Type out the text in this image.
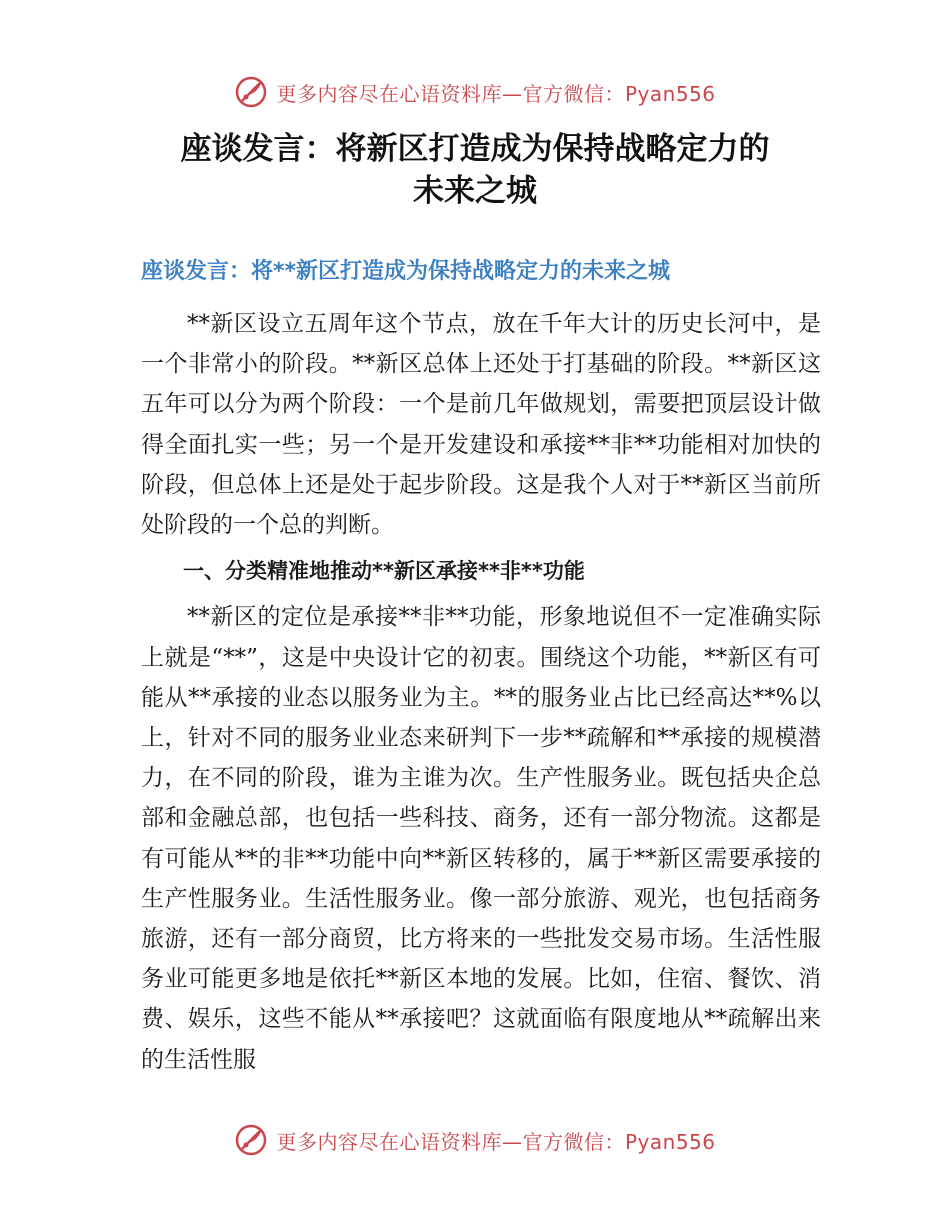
更多内容尽在心语资料库—官方微信：Pyan556
座谈发言：将新区打造成为保持战略定力的
未来之城
座谈发言：将**新区打造成为保持战略定力的未来之城

**新区设立五周年这个节点，放在千年大计的历史长河中，是一个非常小的阶段。**新区总体上还处于打基础的阶段。**新区这五年可以分为两个阶段：一个是前几年做规划，需要把顶层设计做得全面扎实一些；另一个是开发建设和承接**非**功能相对加快的阶段，但总体上还是处于起步阶段。这是我个人对于**新区当前所处阶段的一个总的判断。

一、分类精准地推动**新区承接**非**功能

**新区的定位是承接**非**功能，形象地说但不一定准确实际上就是“**”，这是中央设计它的初衷。围绕这个功能，**新区有可能从**承接的业态以服务业为主。**的服务业占比已经高达**%以上，针对不同的服务业业态来研判下一步**疏解和**承接的规模潜力，在不同的阶段，谁为主谁为次。生产性服务业。既包括央企总部和金融总部，也包括一些科技、商务，还有一部分物流。这都是有可能从**的非**功能中向**新区转移的，属于**新区需要承接的生产性服务业。生活性服务业。像一部分旅游、观光，也包括商务旅游，还有一部分商贸，比方将来的一些批发交易市场。生活性服务业可能更多地是依托**新区本地的发展。比如，住宿、餐饮、消费、娱乐，这些不能从**承接吧？这就面临有限度地从**疏解出来的生活性服

更多内容尽在心语资料库—官方微信：Pyan556
